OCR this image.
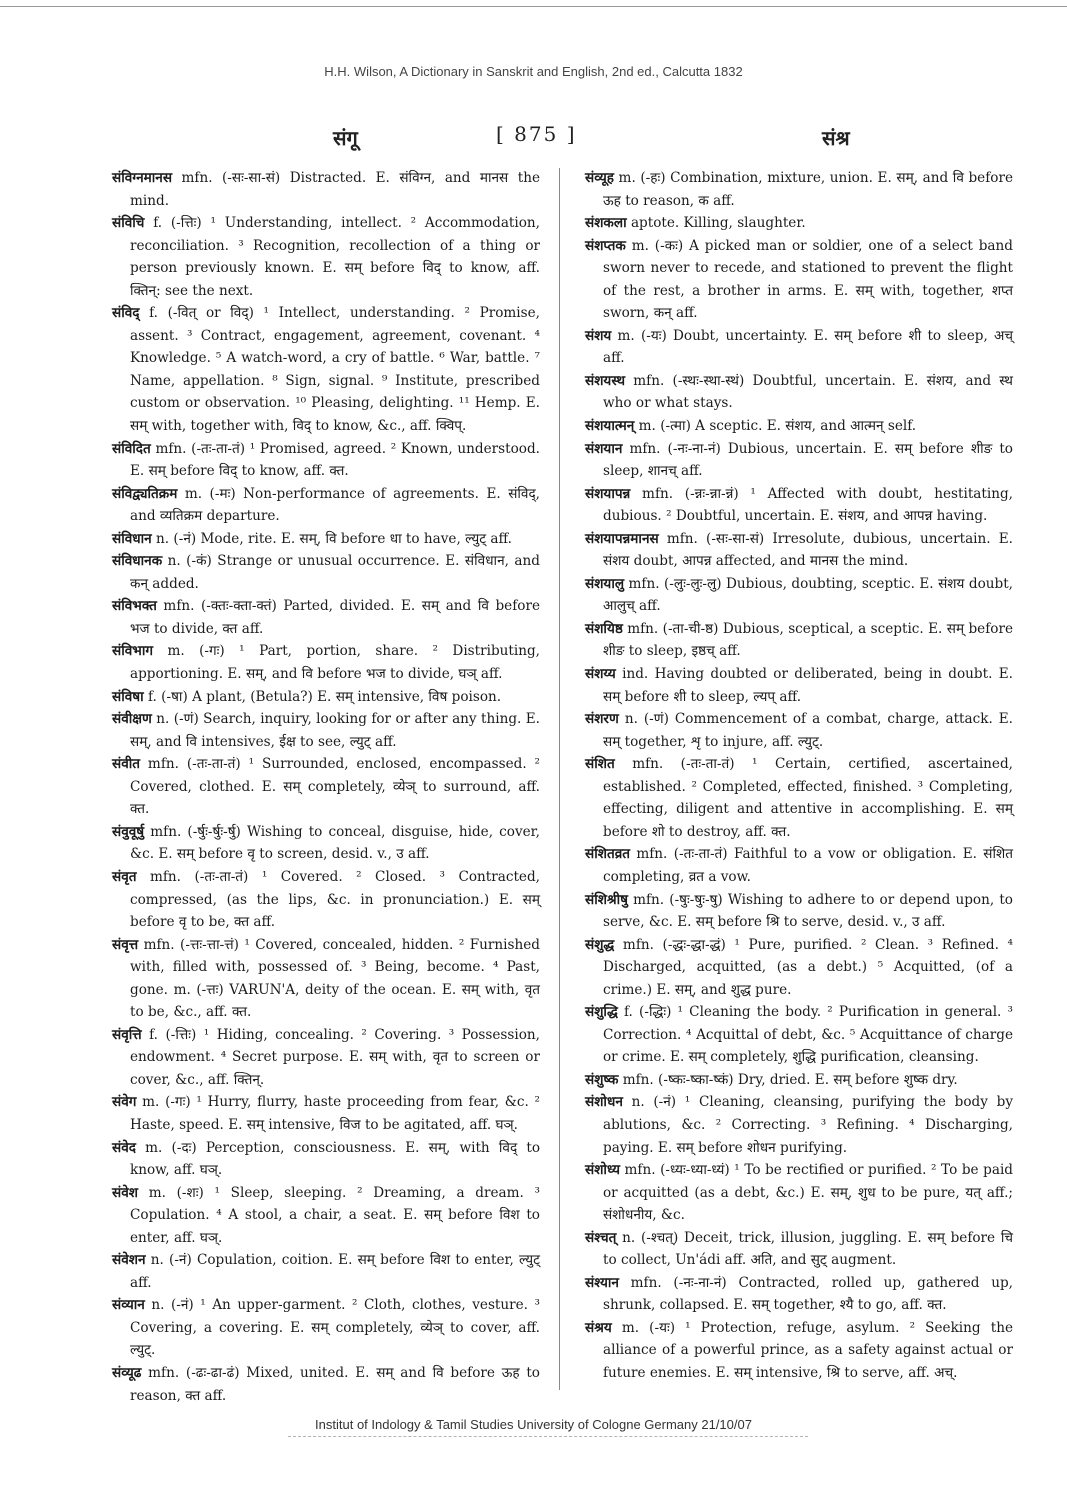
H.H. Wilson, A Dictionary in Sanskrit and English, 2nd ed., Calcutta 1832
संगू	[ 875 ]	संश्र

संविग्नमानस mfn. (-सः-सा-सं) Distracted. E. संविग्न, and मानस the mind.

संविचि f. (-त्तिः) ¹ Understanding, intellect. ² Accommodation, reconciliation. ³ Recognition, recollection of a thing or person previously known. E. सम् before विद् to know, aff. क्तिन्: see the next.

संविद् f. (-वित् or विद्) ¹ Intellect, understanding. ² Promise, assent. ³ Contract, engagement, agreement, covenant. ⁴ Knowledge. ⁵ A watch-word, a cry of battle. ⁶ War, battle. ⁷ Name, appellation. ⁸ Sign, signal. ⁹ Institute, prescribed custom or observation. ¹⁰ Pleasing, delighting. ¹¹ Hemp. E. सम् with, together with, विद् to know, &c., aff. क्विप्.

संविदित mfn. (-तः-ता-तं) ¹ Promised, agreed. ² Known, understood. E. सम् before विद् to know, aff. क्त.

संविद्व्यतिक्रम m. (-मः) Non-performance of agreements. E. संविद्, and व्यतिक्रम departure.

संविधान n. (-नं) Mode, rite. E. सम्, वि before धा to have, ल्युट् aff.

संविधानक n. (-कं) Strange or unusual occurrence. E. संविधान, and कन् added.

संविभक्त mfn. (-क्तः-क्ता-क्तं) Parted, divided. E. सम् and वि before भज to divide, क्त aff.

संविभाग m. (-गः) ¹ Part, portion, share. ² Distributing, apportioning. E. सम्, and वि before भज to divide, घञ् aff.

संविषा f. (-षा) A plant, (Betula?) E. सम् intensive, विष poison.

संवीक्षण n. (-णं) Search, inquiry, looking for or after any thing. E. सम्, and वि intensives, ईक्ष to see, ल्युट् aff.

संवीत mfn. (-तः-ता-तं) ¹ Surrounded, enclosed, encompassed. ² Covered, clothed. E. सम् completely, व्येञ् to surround, aff. क्त.

संवुवूर्षु mfn. (-र्षुः-र्षुः-र्षु) Wishing to conceal, disguise, hide, cover, &c. E. सम् before वृ to screen, desid. v., उ aff.

संवृत mfn. (-तः-ता-तं) ¹ Covered. ² Closed. ³ Contracted, compressed, (as the lips, &c. in pronunciation.) E. सम् before वृ to be, क्त aff.

संवृत्त mfn. (-त्तः-त्ता-त्तं) ¹ Covered, concealed, hidden. ² Furnished with, filled with, possessed of. ³ Being, become. ⁴ Past, gone. m. (-त्तः) VARUN'A, deity of the ocean. E. सम् with, वृत to be, &c., aff. क्त.

संवृत्ति f. (-त्तिः) ¹ Hiding, concealing. ² Covering. ³ Possession, endowment. ⁴ Secret purpose. E. सम् with, वृत to screen or cover, &c., aff. क्तिन्.

संवेग m. (-गः) ¹ Hurry, flurry, haste proceeding from fear, &c. ² Haste, speed. E. सम् intensive, विज to be agitated, aff. घञ्.

संवेद m. (-दः) Perception, consciousness. E. सम्, with विद् to know, aff. घञ्.

संवेश m. (-शः) ¹ Sleep, sleeping. ² Dreaming, a dream. ³ Copulation. ⁴ A stool, a chair, a seat. E. सम् before विश to enter, aff. घञ्.

संवेशन n. (-नं) Copulation, coition. E. सम् before विश to enter, ल्युट् aff.

संव्यान n. (-नं) ¹ An upper-garment. ² Cloth, clothes, vesture. ³ Covering, a covering. E. सम् completely, व्येञ् to cover, aff. ल्युट्.

संव्यूढ mfn. (-ढः-ढा-ढं) Mixed, united. E. सम् and वि before ऊह to reason, क्त aff.

संव्यूह m. (-हः) Combination, mixture, union. E. सम्, and वि before ऊह to reason, क aff.

संशकला aptote. Killing, slaughter.

संशप्तक m. (-कः) A picked man or soldier, one of a select band sworn never to recede, and stationed to prevent the flight of the rest, a brother in arms. E. सम् with, together, शप्त sworn, कन् aff.

संशय m. (-यः) Doubt, uncertainty. E. सम् before शी to sleep, अच् aff.

संशयस्थ mfn. (-स्थः-स्था-स्थं) Doubtful, uncertain. E. संशय, and स्थ who or what stays.

संशयात्मन् m. (-त्मा) A sceptic. E. संशय, and आत्मन् self.

संशयान mfn. (-नः-ना-नं) Dubious, uncertain. E. सम् before शीङ to sleep, शानच् aff.

संशयापन्न mfn. (-न्नः-न्ना-न्नं) ¹ Affected with doubt, hestitating, dubious. ² Doubtful, uncertain. E. संशय, and आपन्न having.

संशयापन्नमानस mfn. (-सः-सा-सं) Irresolute, dubious, uncertain. E. संशय doubt, आपन्न affected, and मानस the mind.

संशयालु mfn. (-लुः-लुः-लु) Dubious, doubting, sceptic. E. संशय doubt, आलुच् aff.

संशयिष्ठ mfn. (-ता-ची-ष्ठ) Dubious, sceptical, a sceptic. E. सम् before शीङ to sleep, इष्ठच् aff.

संशय्य ind. Having doubted or deliberated, being in doubt. E. सम् before शी to sleep, ल्यप् aff.

संशरण n. (-णं) Commencement of a combat, charge, attack. E. सम् together, शृ to injure, aff. ल्युट्.

संशित mfn. (-तः-ता-तं) ¹ Certain, certified, ascertained, established. ² Completed, effected, finished. ³ Completing, effecting, diligent and attentive in accomplishing. E. सम् before शो to destroy, aff. क्त.

संशितव्रत mfn. (-तः-ता-तं) Faithful to a vow or obligation. E. संशित completing, व्रत a vow.

संशिश्रीषु mfn. (-षुः-षुः-षु) Wishing to adhere to or depend upon, to serve, &c. E. सम् before श्रि to serve, desid. v., उ aff.

संशुद्ध mfn. (-द्धः-द्धा-द्धं) ¹ Pure, purified. ² Clean. ³ Refined. ⁴ Discharged, acquitted, (as a debt.) ⁵ Acquitted, (of a crime.) E. सम्, and शुद्ध pure.

संशुद्धि f. (-द्धिः) ¹ Cleaning the body. ² Purification in general. ³ Correction. ⁴ Acquittal of debt, &c. ⁵ Acquittance of charge or crime. E. सम् completely, शुद्धि purification, cleansing.

संशुष्क mfn. (-ष्कः-ष्का-ष्कं) Dry, dried. E. सम् before शुष्क dry.

संशोधन n. (-नं) ¹ Cleaning, cleansing, purifying the body by ablutions, &c. ² Correcting. ³ Refining. ⁴ Discharging, paying. E. सम् before शोधन purifying.

संशोध्य mfn. (-ध्यः-ध्या-ध्यं) ¹ To be rectified or purified. ² To be paid or acquitted (as a debt, &c.) E. सम्, शुध to be pure, यत् aff.; संशोधनीय, &c.

संश्चत् n. (-श्चत्) Deceit, trick, illusion, juggling. E. सम् before चि to collect, Un'ádi aff. अति, and सुट् augment.

संश्यान mfn. (-नः-ना-नं) Contracted, rolled up, gathered up, shrunk, collapsed. E. सम् together, श्यै to go, aff. क्त.

संश्रय m. (-यः) ¹ Protection, refuge, asylum. ² Seeking the alliance of a powerful prince, as a safety against actual or future enemies. E. सम् intensive, श्रि to serve, aff. अच्.

Institut of Indology & Tamil Studies University of Cologne Germany 21/10/07
